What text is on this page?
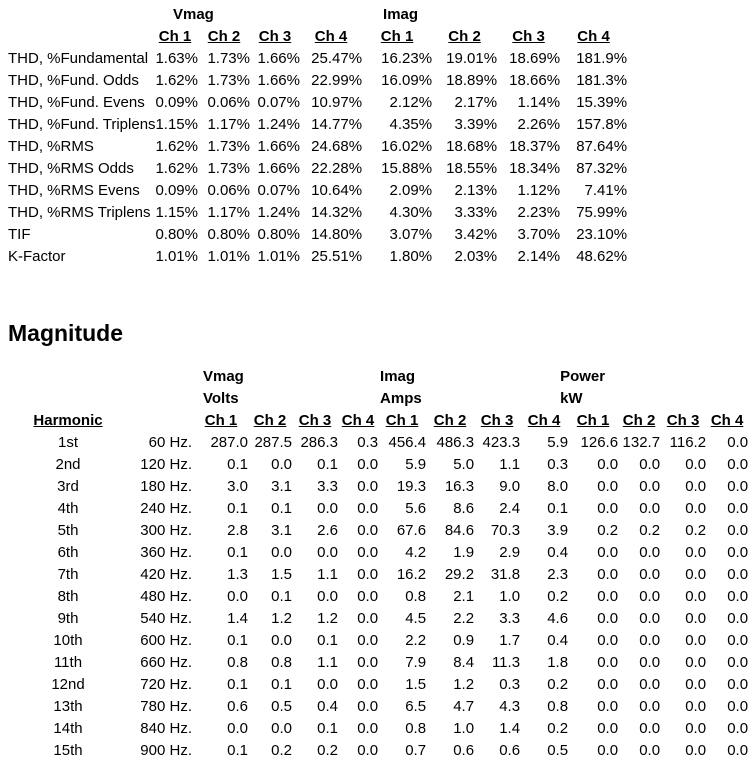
	Vmag				Imag			
	Ch 1	Ch 2	Ch 3	Ch 4	Ch 1	Ch 2	Ch 3	Ch 4
THD, %Fundamental	1.63%	1.73%	1.66%	25.47%	16.23%	19.01%	18.69%	181.9%
THD, %Fund. Odds	1.62%	1.73%	1.66%	22.99%	16.09%	18.89%	18.66%	181.3%
THD, %Fund. Evens	0.09%	0.06%	0.07%	10.97%	2.12%	2.17%	1.14%	15.39%
THD, %Fund. Triplens	1.15%	1.17%	1.24%	14.77%	4.35%	3.39%	2.26%	157.8%
THD, %RMS	1.62%	1.73%	1.66%	24.68%	16.02%	18.68%	18.37%	87.64%
THD, %RMS Odds	1.62%	1.73%	1.66%	22.28%	15.88%	18.55%	18.34%	87.32%
THD, %RMS Evens	0.09%	0.06%	0.07%	10.64%	2.09%	2.13%	1.12%	7.41%
THD, %RMS Triplens	1.15%	1.17%	1.24%	14.32%	4.30%	3.33%	2.23%	75.99%
TIF	0.80%	0.80%	0.80%	14.80%	3.07%	3.42%	3.70%	23.10%
K-Factor	1.01%	1.01%	1.01%	25.51%	1.80%	2.03%	2.14%	48.62%
Magnitude
		Vmag				Imag				Power			
		Volts				Amps				kW			
Harmonic		Ch 1	Ch 2	Ch 3	Ch 4	Ch 1	Ch 2	Ch 3	Ch 4	Ch 1	Ch 2	Ch 3	Ch 4
1st	60 Hz.	287.0	287.5	286.3	0.3	456.4	486.3	423.3	5.9	126.6	132.7	116.2	0.0
2nd	120 Hz.	0.1	0.0	0.1	0.0	5.9	5.0	1.1	0.3	0.0	0.0	0.0	0.0
3rd	180 Hz.	3.0	3.1	3.3	0.0	19.3	16.3	9.0	8.0	0.0	0.0	0.0	0.0
4th	240 Hz.	0.1	0.1	0.0	0.0	5.6	8.6	2.4	0.1	0.0	0.0	0.0	0.0
5th	300 Hz.	2.8	3.1	2.6	0.0	67.6	84.6	70.3	3.9	0.2	0.2	0.2	0.0
6th	360 Hz.	0.1	0.0	0.0	0.0	4.2	1.9	2.9	0.4	0.0	0.0	0.0	0.0
7th	420 Hz.	1.3	1.5	1.1	0.0	16.2	29.2	31.8	2.3	0.0	0.0	0.0	0.0
8th	480 Hz.	0.0	0.1	0.0	0.0	0.8	2.1	1.0	0.2	0.0	0.0	0.0	0.0
9th	540 Hz.	1.4	1.2	1.2	0.0	4.5	2.2	3.3	4.6	0.0	0.0	0.0	0.0
10th	600 Hz.	0.1	0.0	0.1	0.0	2.2	0.9	1.7	0.4	0.0	0.0	0.0	0.0
11th	660 Hz.	0.8	0.8	1.1	0.0	7.9	8.4	11.3	1.8	0.0	0.0	0.0	0.0
12nd	720 Hz.	0.1	0.1	0.0	0.0	1.5	1.2	0.3	0.2	0.0	0.0	0.0	0.0
13th	780 Hz.	0.6	0.5	0.4	0.0	6.5	4.7	4.3	0.8	0.0	0.0	0.0	0.0
14th	840 Hz.	0.0	0.0	0.1	0.0	0.8	1.0	1.4	0.2	0.0	0.0	0.0	0.0
15th	900 Hz.	0.1	0.2	0.2	0.0	0.7	0.6	0.6	0.5	0.0	0.0	0.0	0.0
